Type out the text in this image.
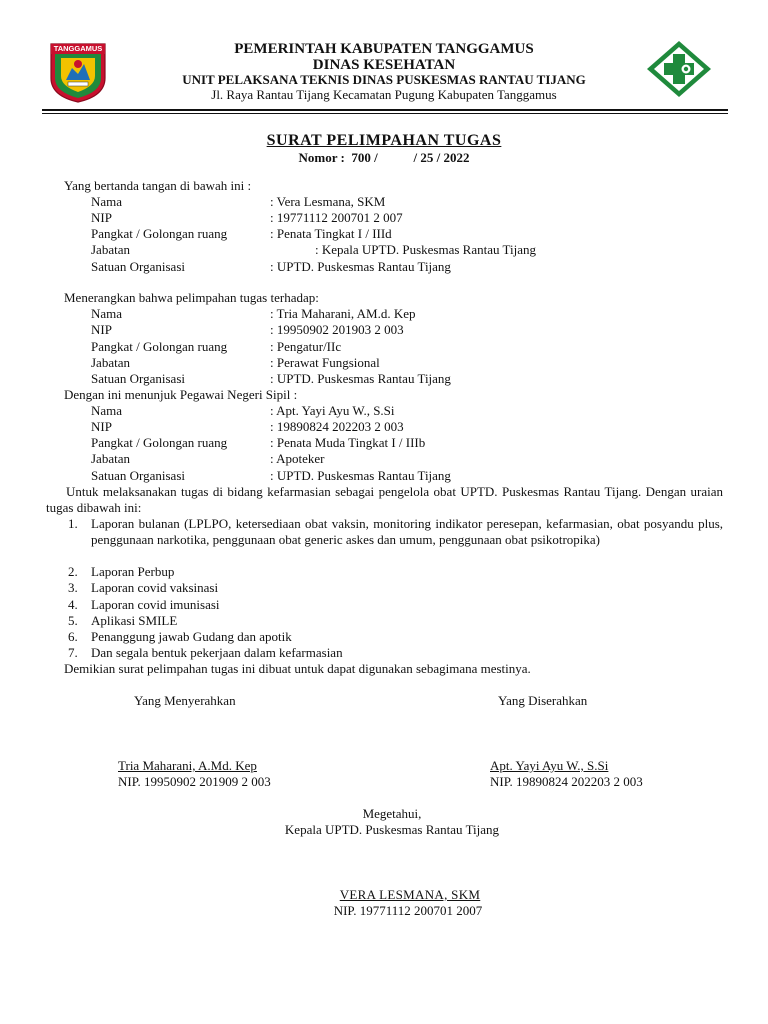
TANGGAMUS	PEMERINTAH KABUPATEN TANGGAMUS
DINAS KESEHATAN
UNIT PELAKSANA TEKNIS DINAS PUSKESMAS RANTAU TIJANG
Jl. Raya Rantau Tijang Kecamatan Pugung Kabupaten Tanggamus
SURAT PELIMPAHAN TUGAS
Nomor :  700 /           / 25 / 2022
Yang bertanda tangan di bawah ini :
Nama	: Vera Lesmana, SKM
NIP	: 19771112 200701 2 007
Pangkat / Golongan ruang	: Penata Tingkat I / IIId
Jabatan	: Kepala UPTD. Puskesmas Rantau Tijang
Satuan Organisasi	: UPTD. Puskesmas Rantau Tijang
Menerangkan bahwa pelimpahan tugas terhadap:
Nama	: Tria Maharani, AM.d. Kep
NIP	: 19950902 201903 2 003
Pangkat / Golongan ruang	: Pengatur/IIc
Jabatan	: Perawat Fungsional
Satuan Organisasi	: UPTD. Puskesmas Rantau Tijang
Dengan ini menunjuk Pegawai Negeri Sipil :
Nama	: Apt. Yayi Ayu W., S.Si
NIP	: 19890824 202203 2 003
Pangkat / Golongan ruang	: Penata Muda Tingkat I / IIIb
Jabatan	: Apoteker
Satuan Organisasi	: UPTD. Puskesmas Rantau Tijang
Untuk melaksanakan tugas di bidang kefarmasian sebagai pengelola obat UPTD. Puskesmas Rantau Tijang. Dengan uraian tugas dibawah ini:
1. Laporan bulanan (LPLPO, ketersediaan obat vaksin, monitoring indikator peresepan, kefarmasian, obat posyandu plus, penggunaan narkotika, penggunaan obat generic askes dan umum, penggunaan obat psikotropika)
2. Laporan Perbup
3. Laporan covid vaksinasi
4. Laporan covid imunisasi
5. Aplikasi SMILE
6. Penanggung jawab Gudang dan apotik
7. Dan segala bentuk pekerjaan dalam kefarmasian
Demikian surat pelimpahan tugas ini dibuat untuk dapat digunakan sebagimana mestinya.
Yang Menyerahkan	Yang Diserahkan
Tria Maharani, A.Md. Kep
NIP. 19950902 201909 2 003
Apt. Yayi Ayu W., S.Si
NIP. 19890824 202203 2 003
Megetahui,
Kepala UPTD. Puskesmas Rantau Tijang
VERA LESMANA, SKM
NIP. 19771112 200701 2007
